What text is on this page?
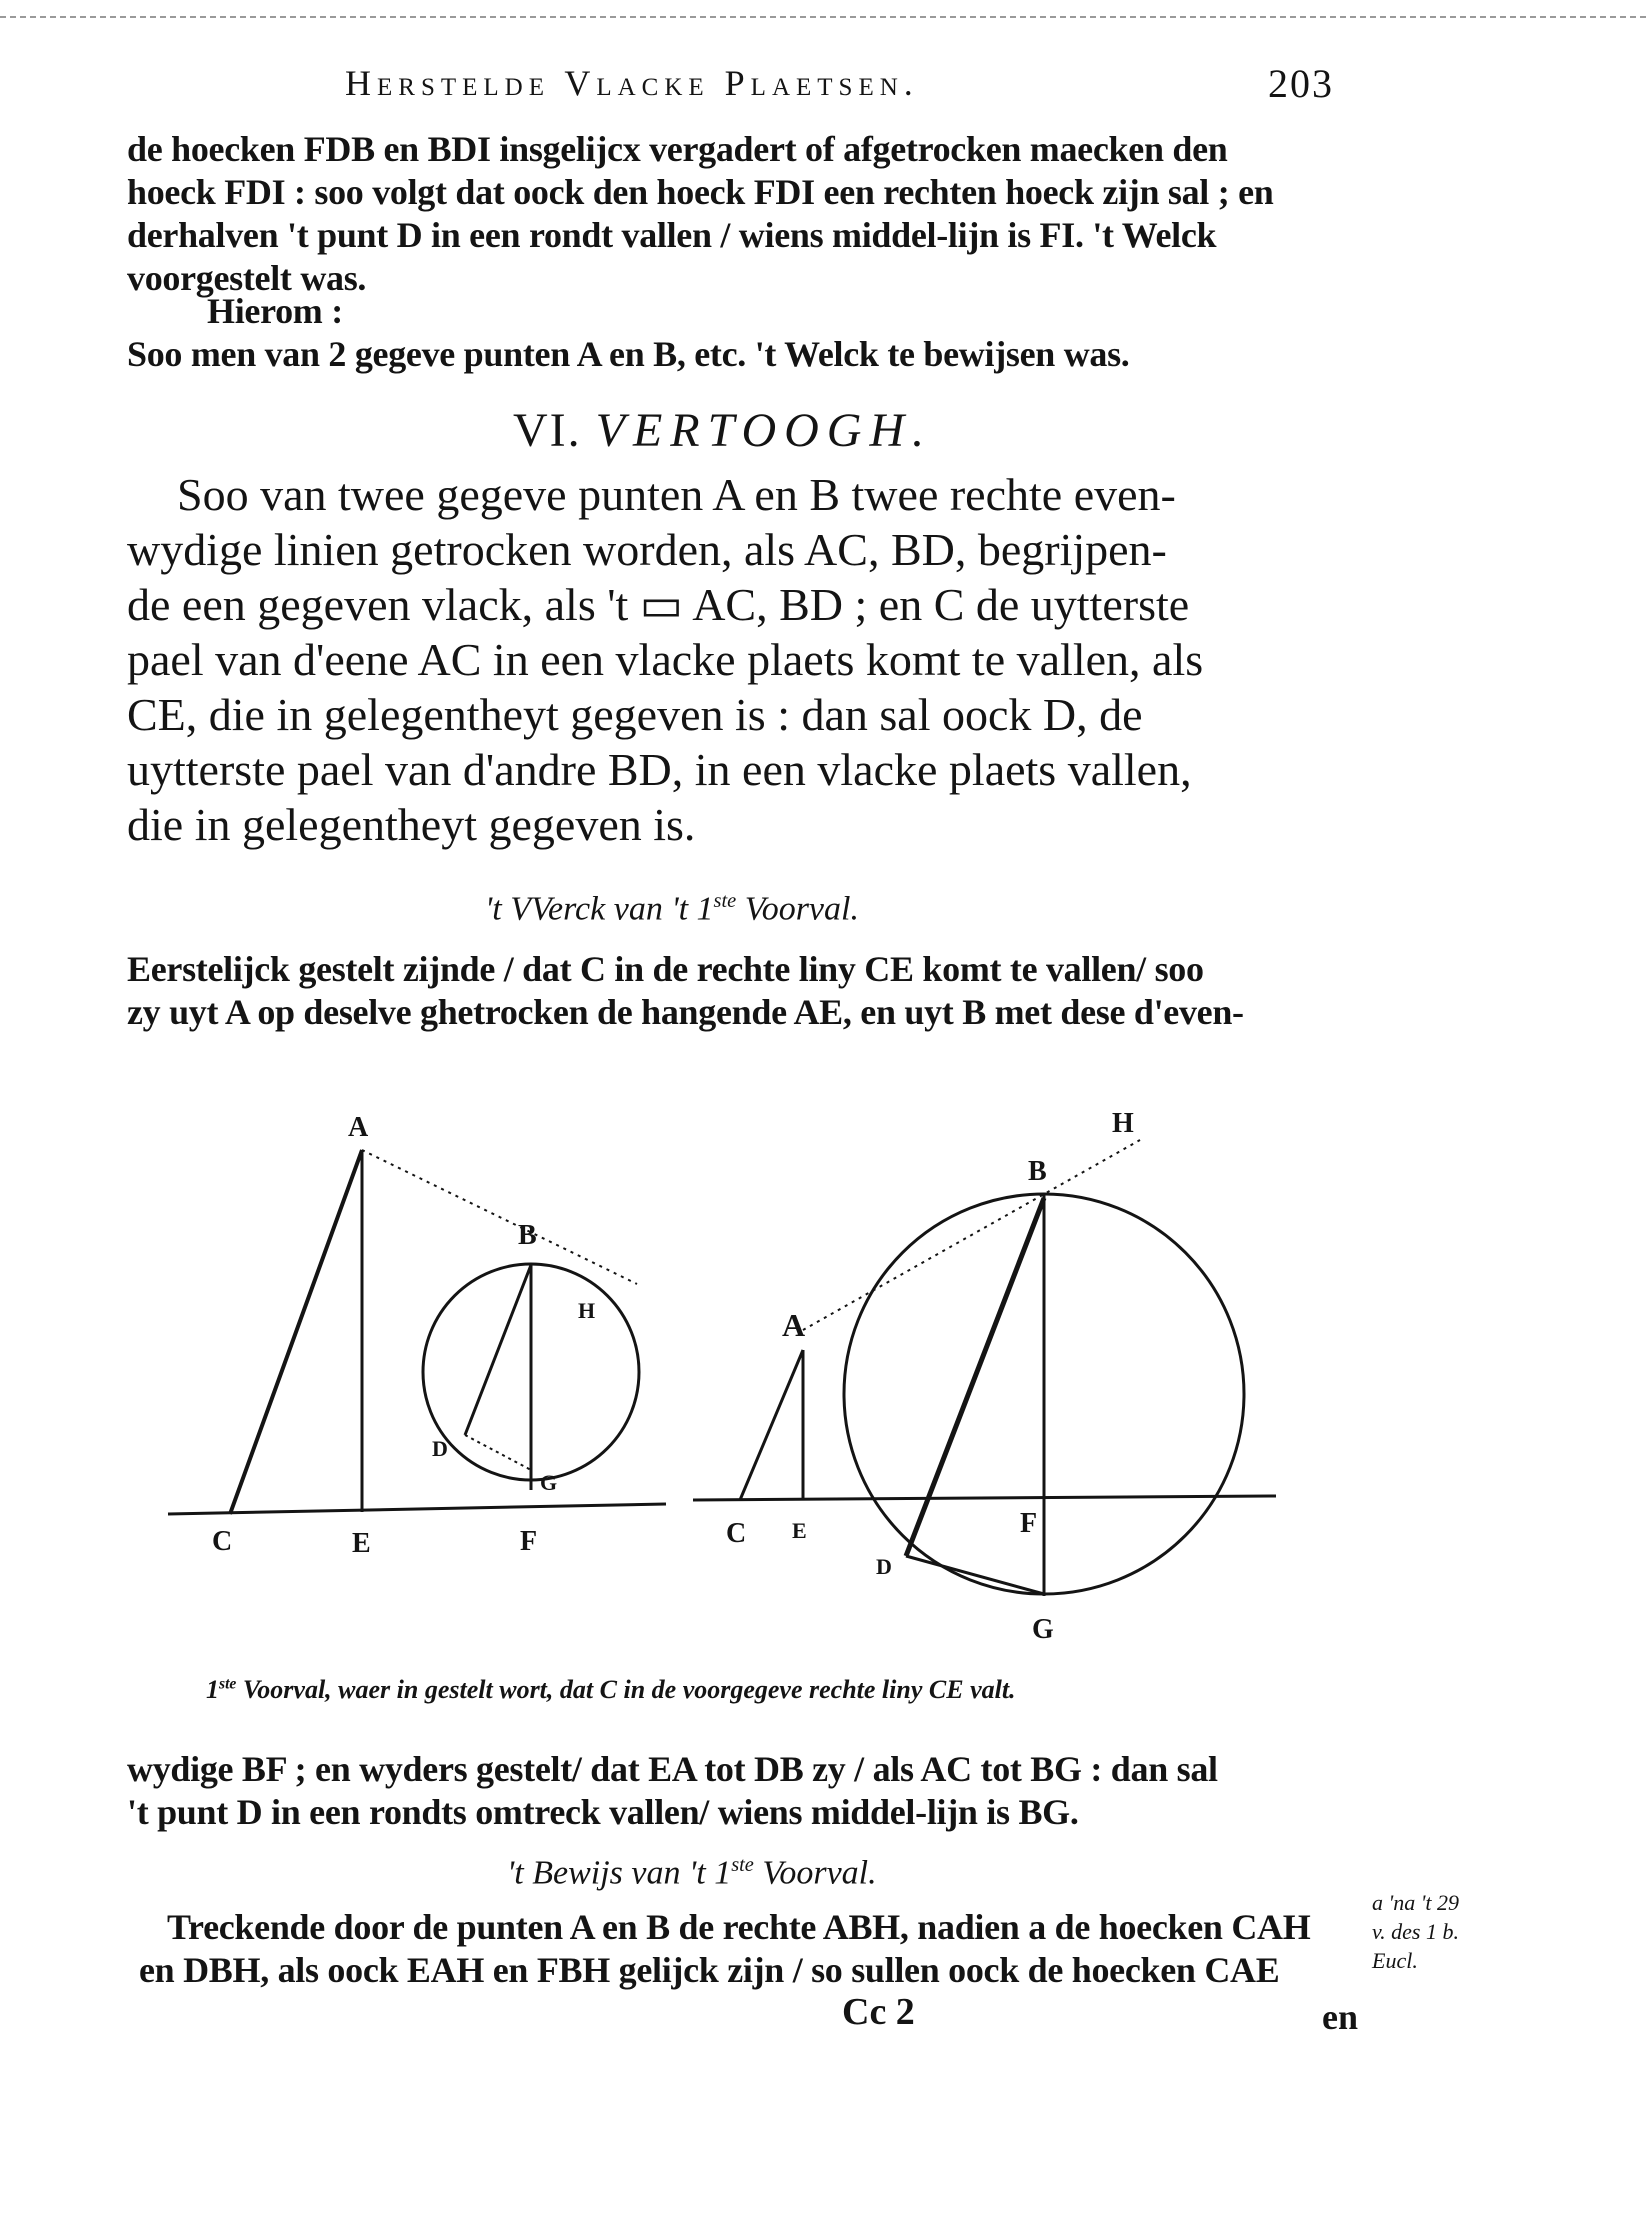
Herstelde Vlacke Plaetsen.	203
de hoecken FDB en BDI insgelijcx vergadert of afgetrocken maecken den
hoeck FDI : soo volgt dat oock den hoeck FDI een rechten hoeck zijn sal ; en
derhalven 't punt D in een rondt vallen / wiens middel-lijn is FI. 't Welck
voorgestelt was.
Hierom :
Soo men van 2 gegeve punten A en B, etc. 't Welck te bewijsen was.
VI. VERTOOGH.
Soo van twee gegeve punten A en B twee rechte even-
wydige linien getrocken worden, als AC, BD, begrijpen-
de een gegeven vlack, als 't ▭ AC, BD ; en C de uytterste
pael van d'eene AC in een vlacke plaets komt te vallen, als
CE, die in gelegentheyt gegeven is : dan sal oock D, de
uytterste pael van d'andre BD, in een vlacke plaets vallen,
die in gelegentheyt gegeven is.
't VVerck van 't 1ste Voorval.
Eerstelijck gestelt zijnde / dat C in de rechte liny CE komt te vallen/ soo
zy uyt A op deselve ghetrocken de hangende AE, en uyt B met dese d'even-
A
B
H
D
G
C	E	F
H
B
A
C E	F
D
G
1ste Voorval, waer in gestelt wort, dat C in de voorgegeve rechte liny CE valt.
wydige BF ; en wyders gestelt/ dat EA tot DB zy / als AC tot BG : dan sal
't punt D in een rondts omtreck vallen/ wiens middel-lijn is BG.
't Bewijs van 't 1ste Voorval.
Treckende door de punten A en B de rechte ABH, nadien a de hoecken CAH
en DBH, als oock EAH en FBH gelijck zijn / so sullen oock de hoecken CAE
a 'na 't 29
v. des 1 b.
Eucl.
Cc 2	en
